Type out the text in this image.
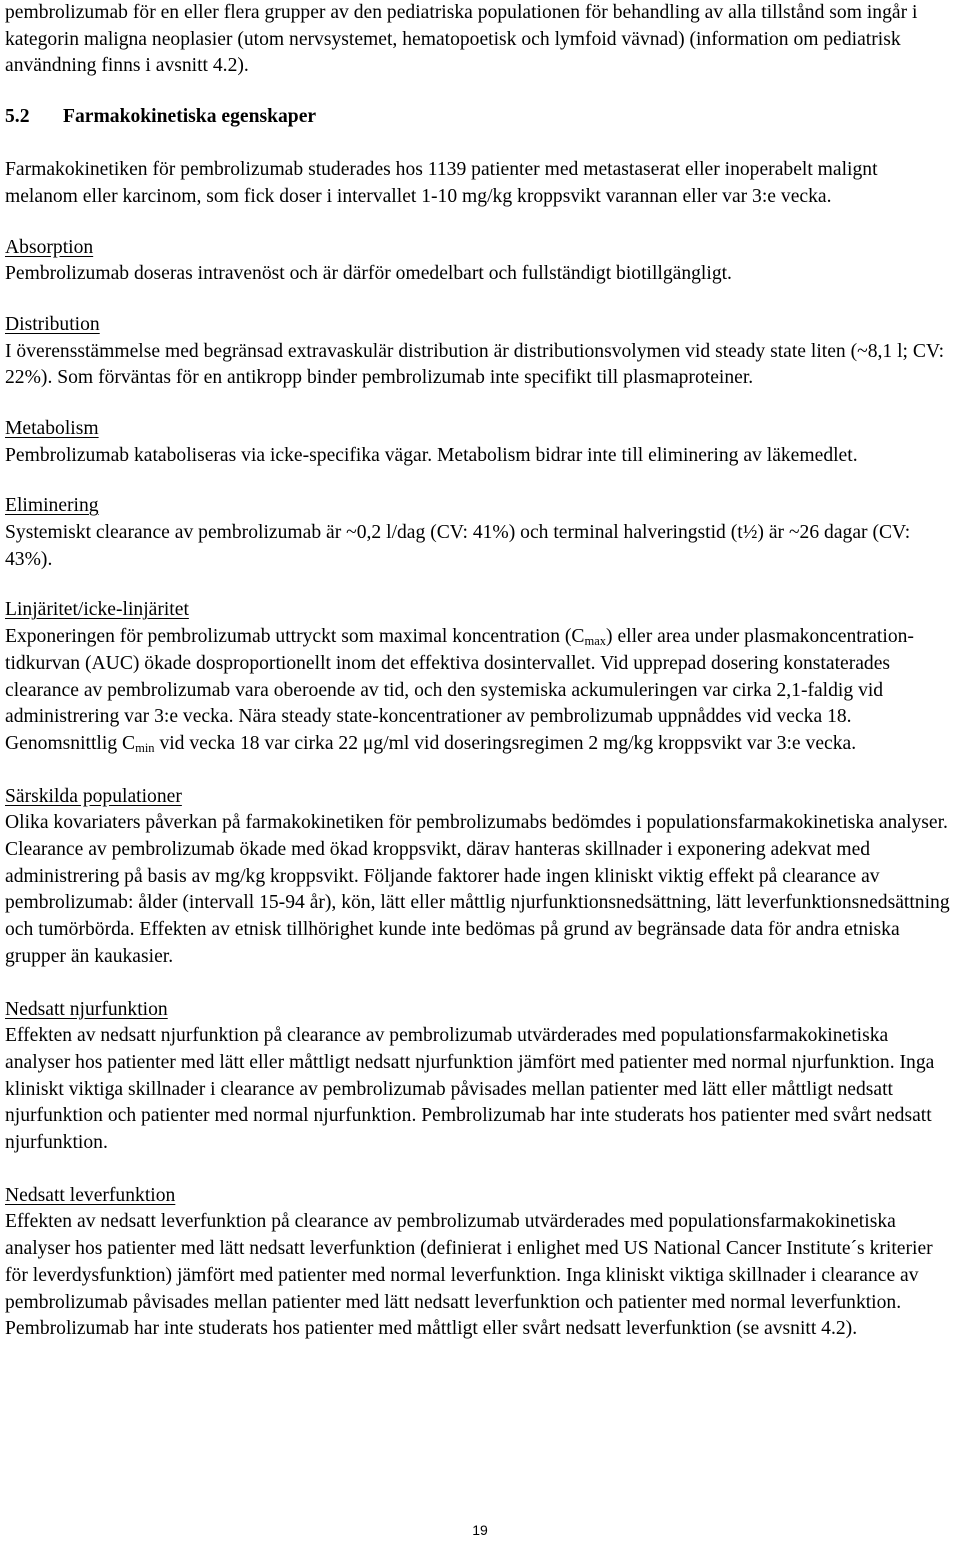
pembrolizumab för en eller flera grupper av den pediatriska populationen för behandling av alla tillstånd som ingår i kategorin maligna neoplasier (utom nervsystemet, hematopoetisk och lymfoid vävnad) (information om pediatrisk användning finns i avsnitt 4.2).

5.2 Farmakokinetiska egenskaper

Farmakokinetiken för pembrolizumab studerades hos 1139 patienter med metastaserat eller inoperabelt malignt melanom eller karcinom, som fick doser i intervallet 1-10 mg/kg kroppsvikt varannan eller var 3:e vecka.

Absorption

Pembrolizumab doseras intravenöst och är därför omedelbart och fullständigt biotillgängligt.

Distribution

I överensstämmelse med begränsad extravaskulär distribution är distributionsvolymen vid steady state liten (~8,1 l; CV: 22%). Som förväntas för en antikropp binder pembrolizumab inte specifikt till plasmaproteiner.

Metabolism

Pembrolizumab kataboliseras via icke-specifika vägar. Metabolism bidrar inte till eliminering av läkemedlet.

Eliminering

Systemiskt clearance av pembrolizumab är ~0,2 l/dag (CV: 41%) och terminal halveringstid (t½) är ~26 dagar (CV: 43%).

Linjäritet/icke-linjäritet

Exponeringen för pembrolizumab uttryckt som maximal koncentration $(C_{max})$ eller area under plasmakoncentration-tidkurvan (AUC) ökade dosproportionellt inom det effektiva dosintervallet. Vid upprepad dosering konstaterades clearance av pembrolizumab vara oberoende av tid, och den systemiska ackumuleringen var cirka 2,1-faldig vid administrering var 3:e vecka. Nära steady state-koncentrationer av pembrolizumab uppnåddes vid vecka 18. Genomsnittlig $C_{min}$ vid vecka 18 var cirka 22 μg/ml vid doseringsregimen 2 mg/kg kroppsvikt var 3:e vecka.

Särskilda populationer

Olika kovariaters påverkan på farmakokinetiken för pembrolizumabs bedömdes i populationsfarmakokinetiska analyser. Clearance av pembrolizumab ökade med ökad kroppsvikt, därav hanteras skillnader i exponering adekvat med administrering på basis av mg/kg kroppsvikt. Följande faktorer hade ingen kliniskt viktig effekt på clearance av pembrolizumab: ålder (intervall 15-94 år), kön, lätt eller måttlig njurfunktionsnedsättning, lätt leverfunktionsnedsättning och tumörbörda. Effekten av etnisk tillhörighet kunde inte bedömas på grund av begränsade data för andra etniska grupper än kaukasier.

Nedsatt njurfunktion

Effekten av nedsatt njurfunktion på clearance av pembrolizumab utvärderades med populationsfarmakokinetiska analyser hos patienter med lätt eller måttligt nedsatt njurfunktion jämfört med patienter med normal njurfunktion. Inga kliniskt viktiga skillnader i clearance av pembrolizumab påvisades mellan patienter med lätt eller måttligt nedsatt njurfunktion och patienter med normal njurfunktion. Pembrolizumab har inte studerats hos patienter med svårt nedsatt njurfunktion.

Nedsatt leverfunktion

Effekten av nedsatt leverfunktion på clearance av pembrolizumab utvärderades med populationsfarmakokinetiska analyser hos patienter med lätt nedsatt leverfunktion (definierat i enlighet med US National Cancer Institute´s kriterier för leverdysfunktion) jämfört med patienter med normal leverfunktion. Inga kliniskt viktiga skillnader i clearance av pembrolizumab påvisades mellan patienter med lätt nedsatt leverfunktion och patienter med normal leverfunktion. Pembrolizumab har inte studerats hos patienter med måttligt eller svårt nedsatt leverfunktion (se avsnitt 4.2).

19
